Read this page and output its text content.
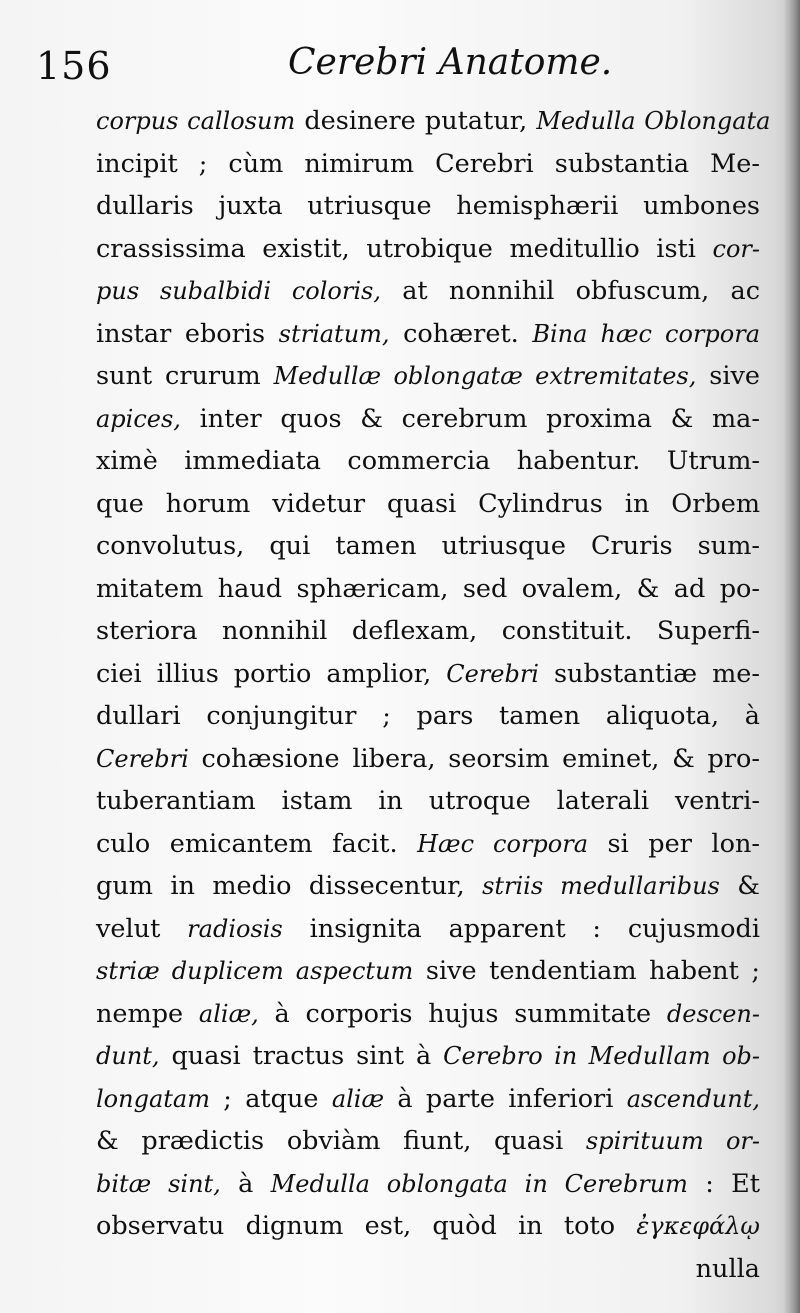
156	Cerebri Anatome.
corpus callosum desinere putatur, Medulla Oblongata
incipit ; cùm nimirum Cerebri substantia Me-
dullaris juxta utriusque hemisphærii umbones
crassissima existit, utrobique meditullio isti cor-
pus subalbidi coloris, at nonnihil obfuscum, ac
instar eboris striatum, cohæret. Bina hæc corpora
sunt crurum Medullæ oblongatæ extremitates, sive
apices, inter quos & cerebrum proxima & ma-
ximè immediata commercia habentur. Utrum-
que horum videtur quasi Cylindrus in Orbem
convolutus, qui tamen utriusque Cruris sum-
mitatem haud sphæricam, sed ovalem, & ad po-
steriora nonnihil deflexam, constituit. Superfi-
ciei illius portio amplior, Cerebri substantiæ me-
dullari conjungitur ; pars tamen aliquota, à
Cerebri cohæsione libera, seorsim eminet, & pro-
tuberantiam istam in utroque laterali ventri-
culo emicantem facit. Hæc corpora si per lon-
gum in medio dissecentur, striis medullaribus &
velut radiosis insignita apparent : cujusmodi
striæ duplicem aspectum sive tendentiam habent ;
nempe aliæ, à corporis hujus summitate descen-
dunt, quasi tractus sint à Cerebro in Medullam ob-
longatam ; atque aliæ à parte inferiori ascendunt,
& prædictis obviàm fiunt, quasi spirituum or-
bitæ sint, à Medulla oblongata in Cerebrum : Et
observatu dignum est, quòd in toto ἐγκεφάλῳ
nulla
